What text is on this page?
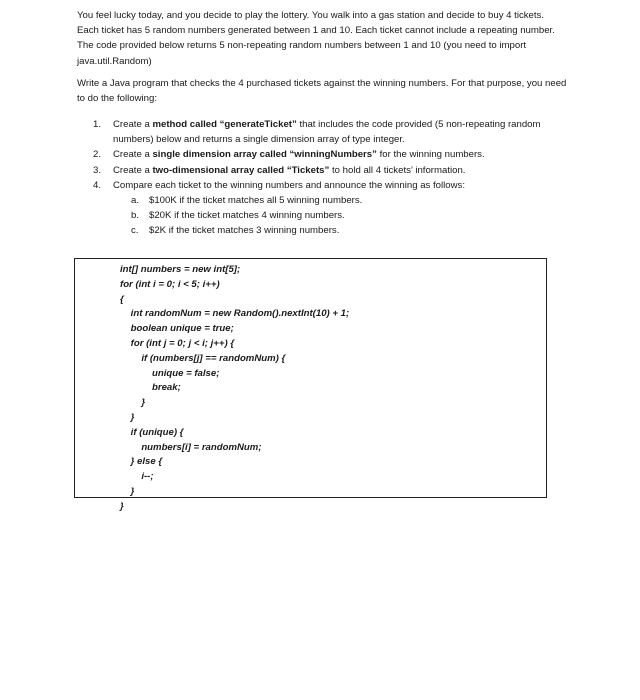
You feel lucky today, and you decide to play the lottery. You walk into a gas station and decide to buy 4 tickets. Each ticket has 5 random numbers generated between 1 and 10. Each ticket cannot include a repeating number. The code provided below returns 5 non-repeating random numbers between 1 and 10 (you need to import java.util.Random)

Write a Java program that checks the 4 purchased tickets against the winning numbers. For that purpose, you need to do the following:

1. Create a method called “generateTicket” that includes the code provided (5 non-repeating random numbers) below and returns a single dimension array of type integer.
2. Create a single dimension array called “winningNumbers” for the winning numbers.
3. Create a two-dimensional array called “Tickets” to hold all 4 tickets’ information.
4. Compare each ticket to the winning numbers and announce the winning as follows:
a. $100K if the ticket matches all 5 winning numbers.
b. $20K if the ticket matches 4 winning numbers.
c. $2K if the ticket matches 3 winning numbers.
int[] numbers = new int[5];
for (int i = 0; i < 5; i++)
{
int randomNum = new Random().nextInt(10) + 1;
boolean unique = true;
for (int j = 0; j < i; j++) {
if (numbers[j] == randomNum) {
unique = false;
break;
}
}
if (unique) {
numbers[i] = randomNum;
} else {
i--;
}
}
